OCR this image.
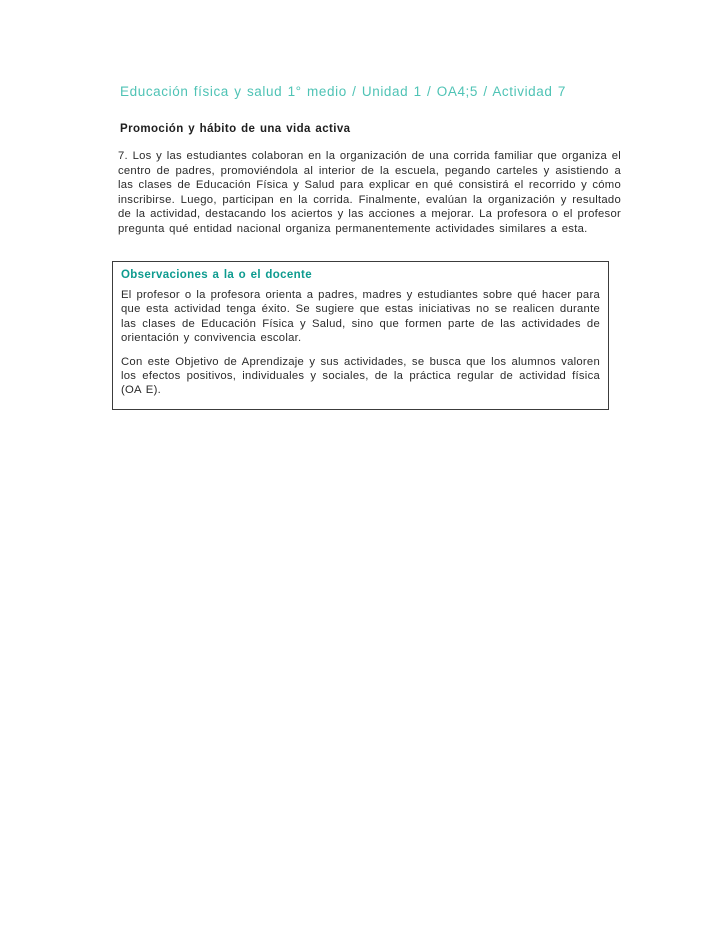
Educación física y salud 1° medio / Unidad 1 / OA4;5 / Actividad 7
Promoción y hábito de una vida activa
7. Los y las estudiantes colaboran en la organización de una corrida familiar que organiza el centro de padres, promoviéndola al interior de la escuela, pegando carteles y asistiendo a las clases de Educación Física y Salud para explicar en qué consistirá el recorrido y cómo inscribirse. Luego, participan en la corrida. Finalmente, evalúan la organización y resultado de la actividad, destacando los aciertos y las acciones a mejorar. La profesora o el profesor pregunta qué entidad nacional organiza permanentemente actividades similares a esta.
Observaciones a la o el docente

El profesor o la profesora orienta a padres, madres y estudiantes sobre qué hacer para que esta actividad tenga éxito. Se sugiere que estas iniciativas no se realicen durante las clases de Educación Física y Salud, sino que formen parte de las actividades de orientación y convivencia escolar.

Con este Objetivo de Aprendizaje y sus actividades, se busca que los alumnos valoren los efectos positivos, individuales y sociales, de la práctica regular de actividad física (OA E).
